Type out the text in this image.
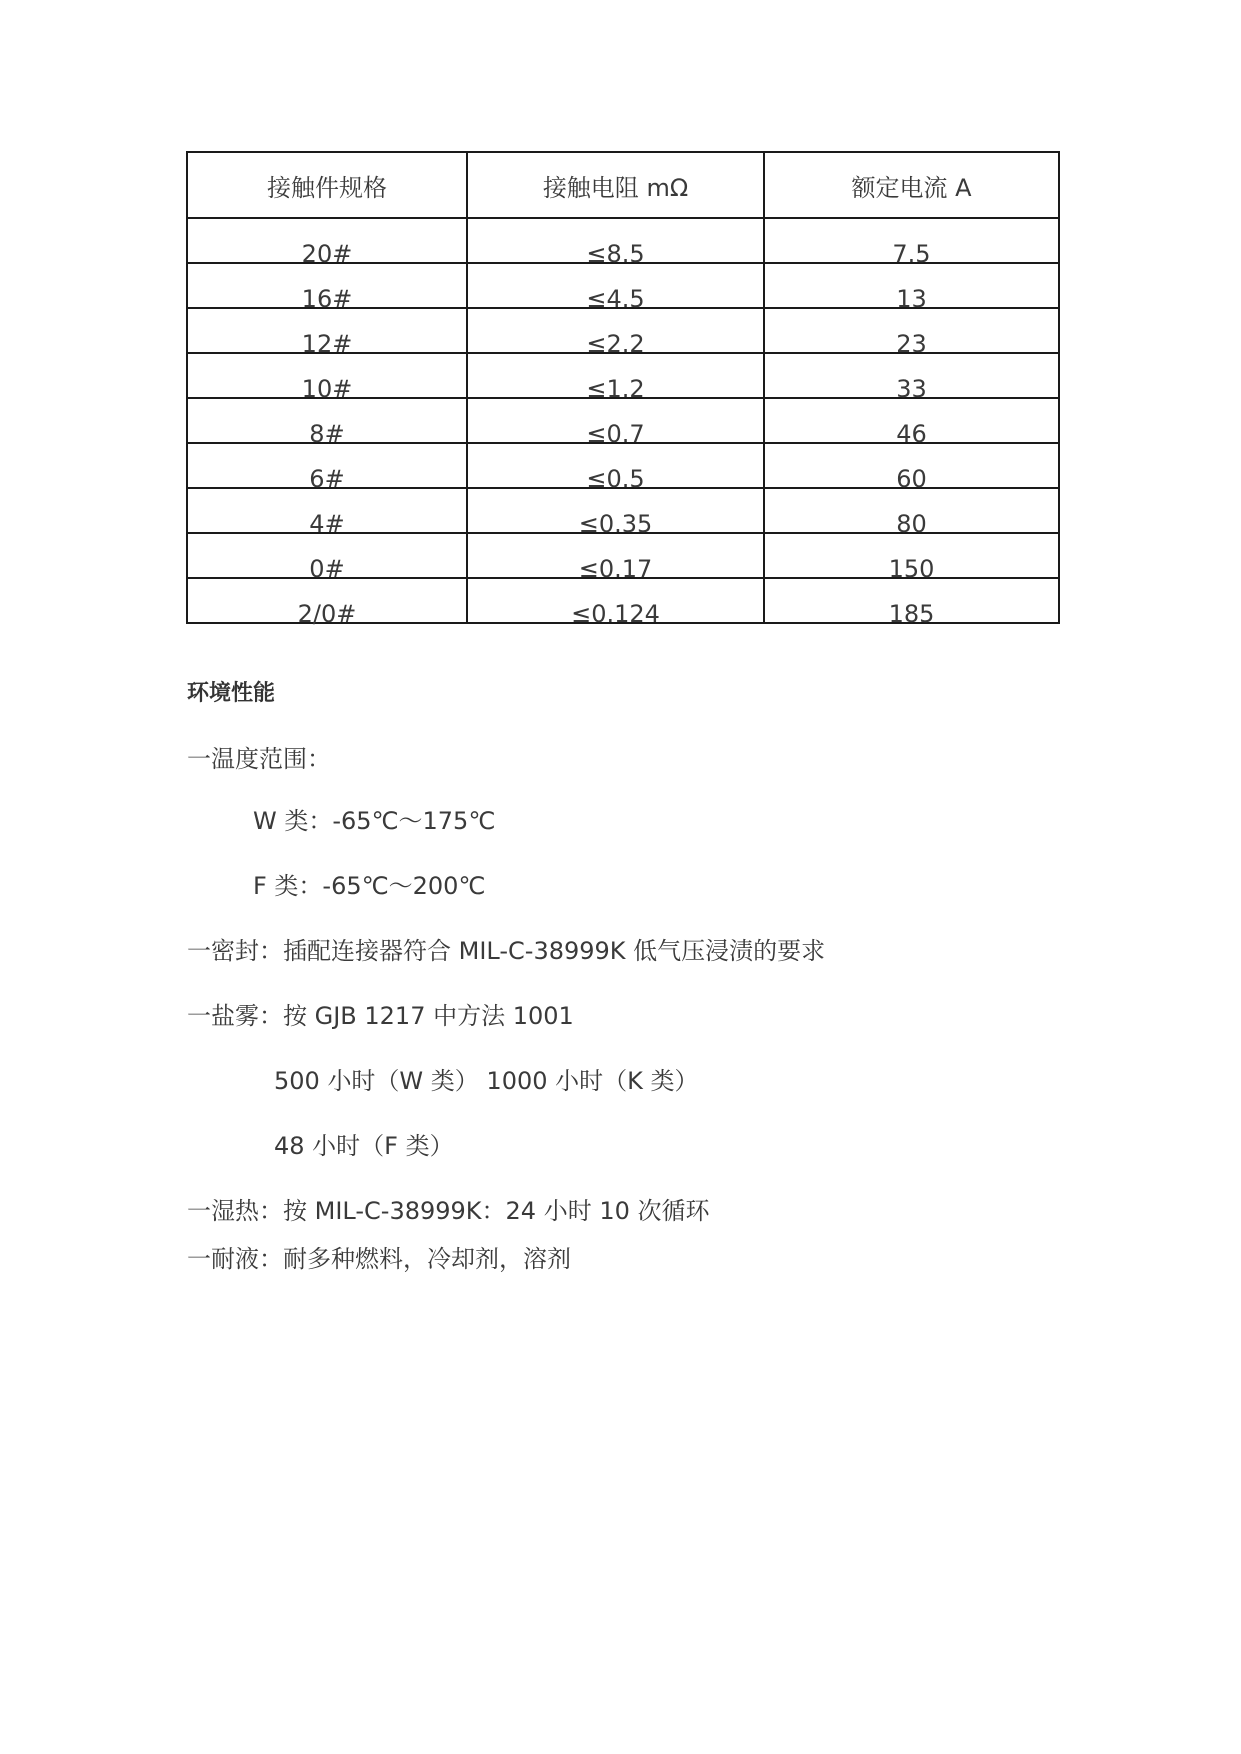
接触件规格	接触电阻 mΩ	额定电流 A
20#	≤8.5	7.5
16#	≤4.5	13
12#	≤2.2	23
10#	≤1.2	33
8#	≤0.7	46
6#	≤0.5	60
4#	≤0.35	80
0#	≤0.17	150
2/0#	≤0.124	185
环境性能
一温度范围：
W 类：-65℃～175℃
F 类：-65℃～200℃
一密封：插配连接器符合 MIL-C-38999K 低气压浸渍的要求
一盐雾：按 GJB 1217 中方法 1001
500 小时（W 类） 1000 小时（K 类）
48 小时（F 类）
一湿热：按 MIL-C-38999K：24 小时 10 次循环
一耐液：耐多种燃料，冷却剂，溶剂
